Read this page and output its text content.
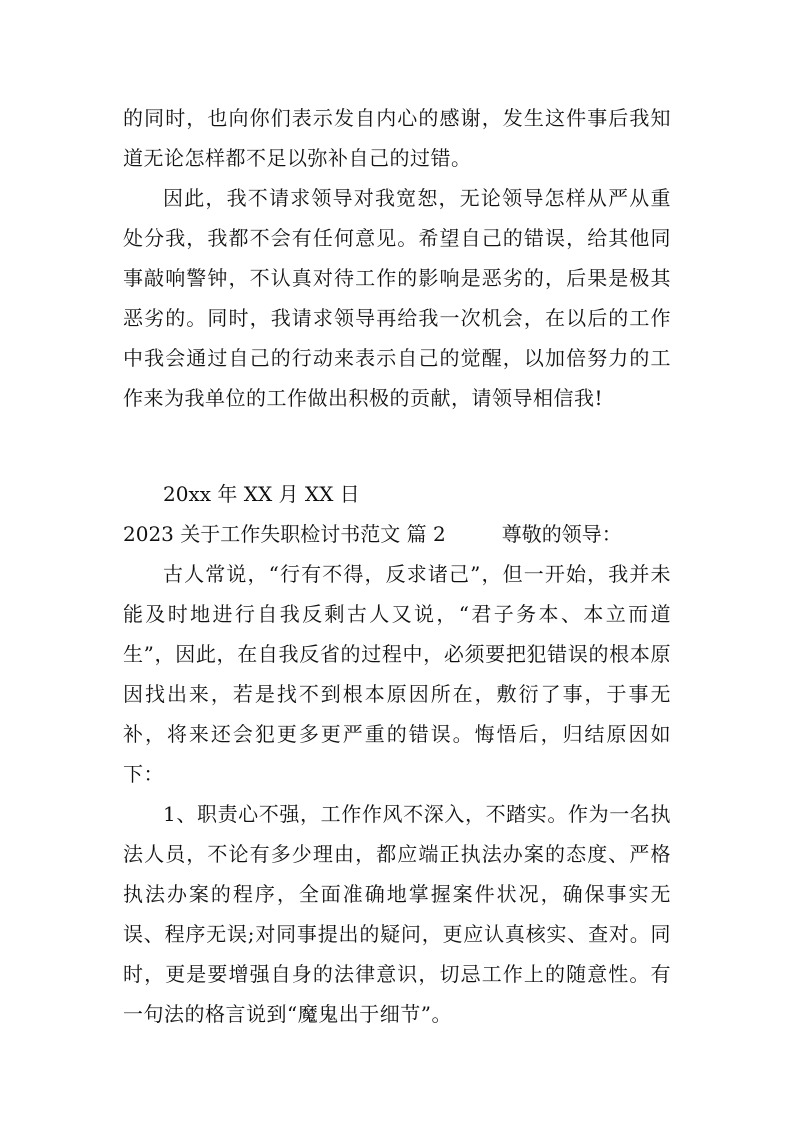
的同时，也向你们表示发自内心的感谢，发生这件事后我知道无论怎样都不足以弥补自己的过错。

因此，我不请求领导对我宽恕，无论领导怎样从严从重处分我，我都不会有任何意见。希望自己的错误，给其他同事敲响警钟，不认真对待工作的影响是恶劣的，后果是极其恶劣的。同时，我请求领导再给我一次机会，在以后的工作中我会通过自己的行动来表示自己的觉醒，以加倍努力的工作来为我单位的工作做出积极的贡献，请领导相信我!

20xx 年 XX 月 XX 日
2023 关于工作失职检讨书范文 篇 2	尊敬的领导：

古人常说，“行有不得，反求诸己”，但一开始，我并未能及时地进行自我反剩古人又说，“君子务本、本立而道生”，因此，在自我反省的过程中，必须要把犯错误的根本原因找出来，若是找不到根本原因所在，敷衍了事，于事无补，将来还会犯更多更严重的错误。悔悟后，归结原因如下：

1、职责心不强，工作作风不深入，不踏实。作为一名执法人员，不论有多少理由，都应端正执法办案的态度、严格执法办案的程序，全面准确地掌握案件状况，确保事实无误、程序无误;对同事提出的疑问，更应认真核实、查对。同时，更是要增强自身的法律意识，切忌工作上的随意性。有一句法的格言说到“魔鬼出于细节”。
